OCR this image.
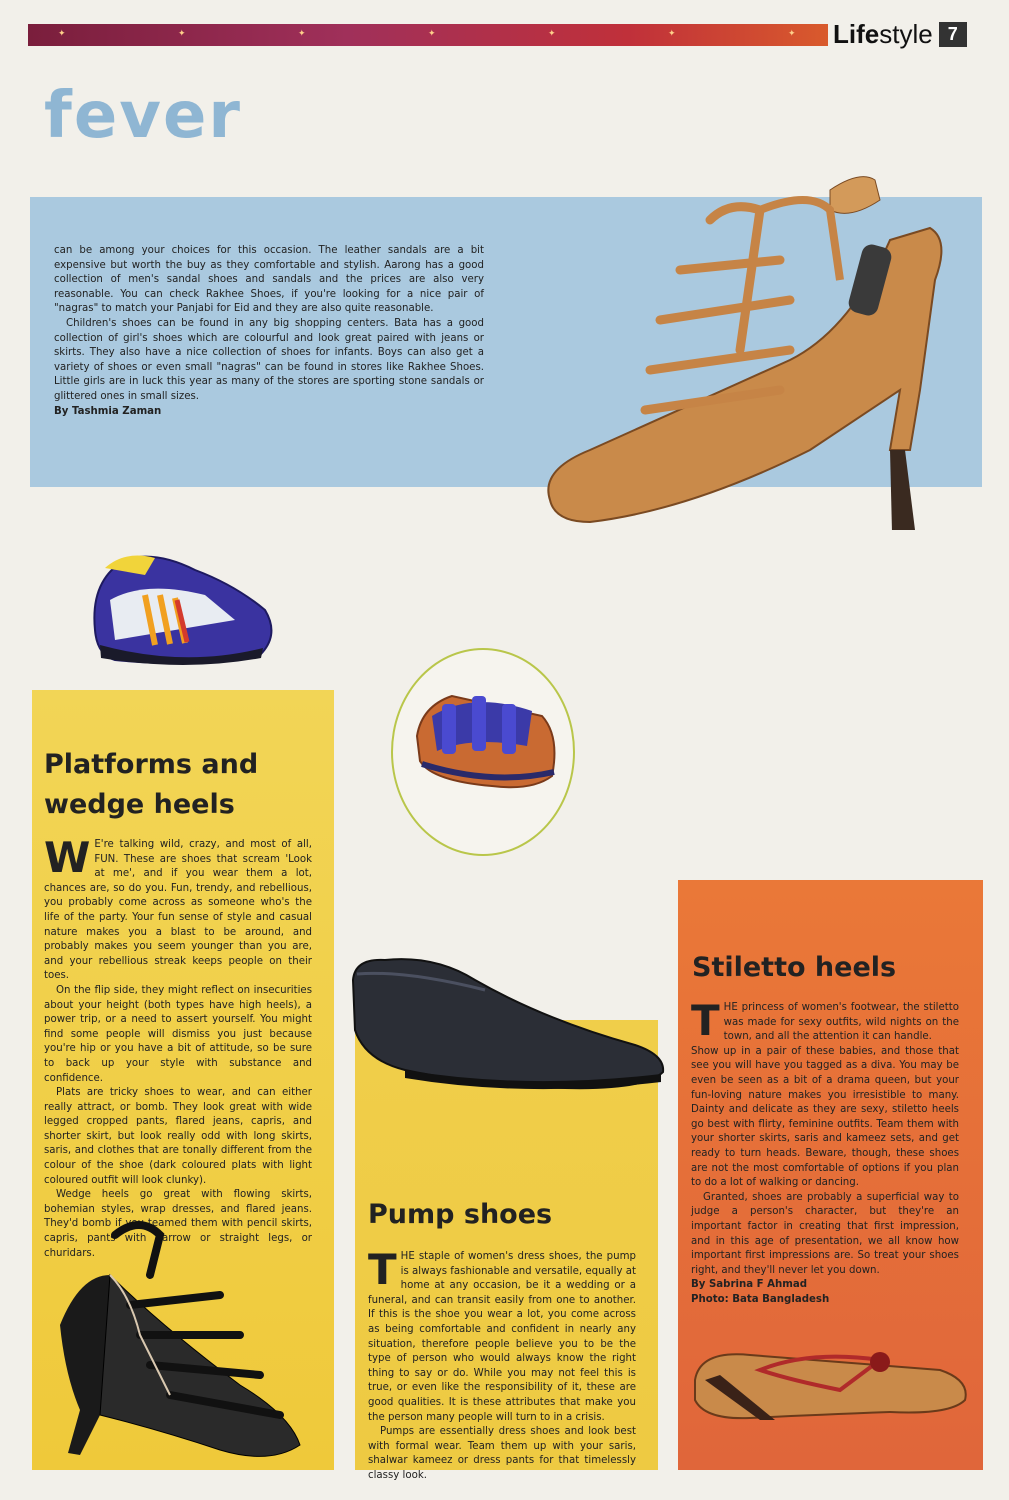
✦	✦	✦	✦	✦	✦	✦ Lifestyle 7
fever

can be among your choices for this occasion. The leather sandals are a bit expensive but worth the buy as they comfortable and stylish. Aarong has a good collection of men's sandal shoes and sandals and the prices are also very reasonable. You can check Rakhee Shoes, if you're looking for a nice pair of "nagras" to match your Panjabi for Eid and they are also quite reasonable.

Children's shoes can be found in any big shopping centers. Bata has a good collection of girl's shoes which are colourful and look great paired with jeans or skirts. They also have a nice collection of shoes for infants. Boys can also get a variety of shoes or even small "nagras" can be found in stores like Rakhee Shoes. Little girls are in luck this year as many of the stores are sporting stone sandals or glittered ones in small sizes.

By Tashmia Zaman

Platforms and wedge heels

W E're talking wild, crazy, and most of all, FUN. These are shoes that scream 'Look at me', and if you wear them a lot, chances are, so do you. Fun, trendy, and rebellious, you probably come across as someone who's the life of the party. Your fun sense of style and casual nature makes you a blast to be around, and probably makes you seem younger than you are, and your rebellious streak keeps people on their toes.

On the flip side, they might reflect on insecurities about your height (both types have high heels), a power trip, or a need to assert yourself. You might find some people will dismiss you just because you're hip or you have a bit of attitude, so be sure to back up your style with substance and confidence.

Plats are tricky shoes to wear, and can either really attract, or bomb. They look great with wide legged cropped pants, flared jeans, capris, and shorter skirt, but look really odd with long skirts, saris, and clothes that are tonally different from the colour of the shoe (dark coloured plats with light coloured outfit will look clunky).

Wedge heels go great with flowing skirts, bohemian styles, wrap dresses, and flared jeans. They'd bomb if you teamed them with pencil skirts, capris, pants with narrow or straight legs, or churidars.

Pump shoes

THE staple of women's dress shoes, the pump is always fashionable and versatile, equally at home at any occasion, be it a wedding or a funeral, and can transit easily from one to another. If this is the shoe you wear a lot, you come across as being comfortable and confident in nearly any situation, therefore people believe you to be the type of person who would always know the right thing to say or do. While you may not feel this is true, or even like the responsibility of it, these are good qualities. It is these attributes that make you the person many people will turn to in a crisis.

Pumps are essentially dress shoes and look best with formal wear. Team them up with your saris, shalwar kameez or dress pants for that timelessly classy look.

Stiletto heels

THE princess of women's footwear, the stiletto was made for sexy outfits, wild nights on the town, and all the attention it can handle.

Show up in a pair of these babies, and those that see you will have you tagged as a diva. You may be even be seen as a bit of a drama queen, but your fun-loving nature makes you irresistible to many. Dainty and delicate as they are sexy, stiletto heels go best with flirty, feminine outfits. Team them with your shorter skirts, saris and kameez sets, and get ready to turn heads. Beware, though, these shoes are not the most comfortable of options if you plan to do a lot of walking or dancing.

Granted, shoes are probably a superficial way to judge a person's character, but they're an important factor in creating that first impression, and in this age of presentation, we all know how important first impressions are. So treat your shoes right, and they'll never let you down.

By Sabrina F Ahmad

Photo: Bata Bangladesh
